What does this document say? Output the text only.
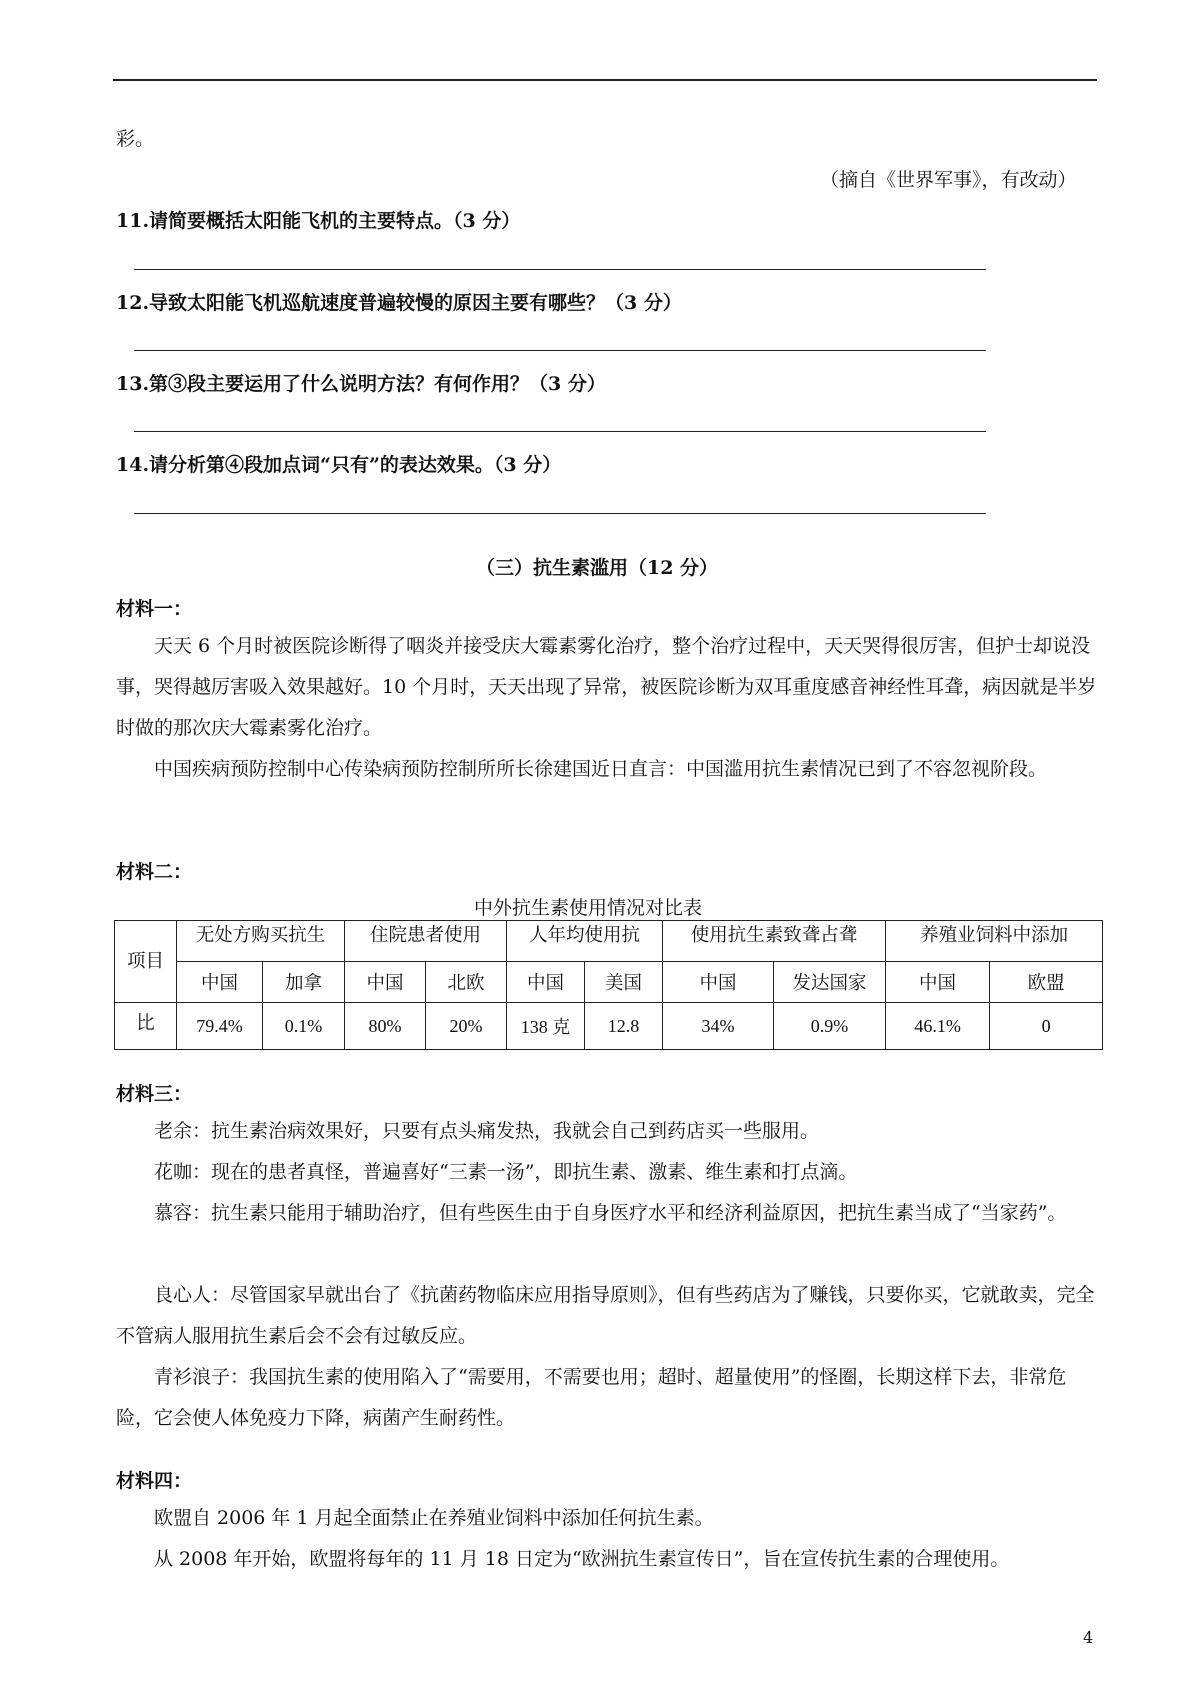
彩。
（摘自《世界军事》，有改动）
11.请简要概括太阳能飞机的主要特点。（3 分）
12.导致太阳能飞机巡航速度普遍较慢的原因主要有哪些？（3 分）
13.第③段主要运用了什么说明方法？有何作用？（3 分）
14.请分析第④段加点词“只有”的表达效果。（3 分）
（三）抗生素滥用（12 分）
材料一：
天天 6 个月时被医院诊断得了咽炎并接受庆大霉素雾化治疗，整个治疗过程中，天天哭得很厉害，但护士却说没事，哭得越厉害吸入效果越好。10 个月时，天天出现了异常，被医院诊断为双耳重度感音神经性耳聋，病因就是半岁时做的那次庆大霉素雾化治疗。
中国疾病预防控制中心传染病预防控制所所长徐建国近日直言：中国滥用抗生素情况已到了不容忽视阶段。
材料二：
中外抗生素使用情况对比表
项目	无处方购买抗生		住院患者使用		人年均使用抗		使用抗生素致聋占聋		养殖业饲料中添加	
	中国	加拿	中国	北欧	中国	美国	中国	发达国家	中国	欧盟
比	79.4%	0.1%	80%	20%	138 克	12.8	34%	0.9%	46.1%	0
材料三：
老余：抗生素治病效果好，只要有点头痛发热，我就会自己到药店买一些服用。
花咖：现在的患者真怪，普遍喜好“三素一汤”，即抗生素、激素、维生素和打点滴。
慕容：抗生素只能用于辅助治疗，但有些医生由于自身医疗水平和经济利益原因，把抗生素当成了“当家药”。
良心人：尽管国家早就出台了《抗菌药物临床应用指导原则》，但有些药店为了赚钱，只要你买，它就敢卖，完全不管病人服用抗生素后会不会有过敏反应。
青衫浪子：我国抗生素的使用陷入了“需要用，不需要也用；超时、超量使用”的怪圈，长期这样下去，非常危险，它会使人体免疫力下降，病菌产生耐药性。
材料四：
欧盟自 2006 年 1 月起全面禁止在养殖业饲料中添加任何抗生素。
从 2008 年开始，欧盟将每年的 11 月 18 日定为“欧洲抗生素宣传日”，旨在宣传抗生素的合理使用。
4
